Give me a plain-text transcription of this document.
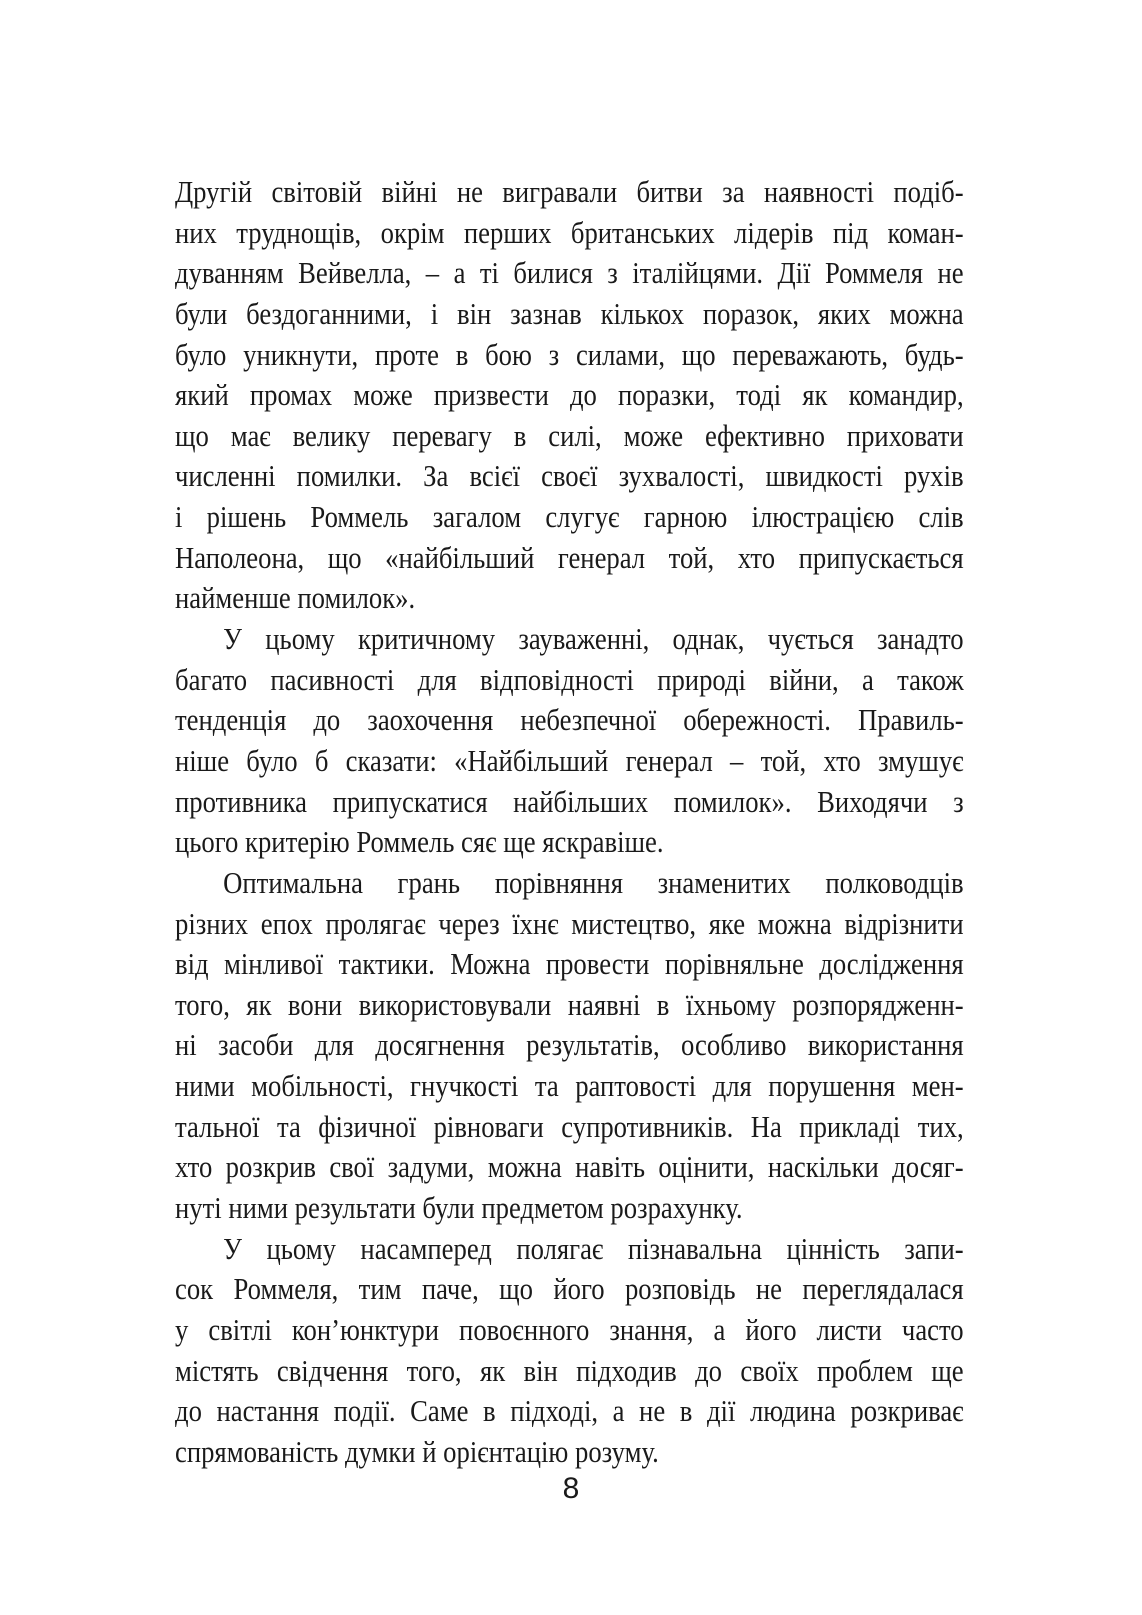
Другій світовій війні не вигравали битви за наявності подіб-
них труднощів, окрім перших британських лідерів під коман-
дуванням Вейвелла, – а ті билися з італійцями. Дії Роммеля не
були бездоганними, і він зазнав кількох поразок, яких можна
було уникнути, проте в бою з силами, що переважають, будь-
який промах може призвести до поразки, тоді як командир,
що має велику перевагу в силі, може ефективно приховати
численні помилки. За всієї своєї зухвалості, швидкості рухів
і рішень Роммель загалом слугує гарною ілюстрацією слів
Наполеона, що «найбільший генерал той, хто припускається
найменше помилок».
У цьому критичному зауваженні, однак, чується занадто
багато пасивності для відповідності природі війни, а також
тенденція до заохочення небезпечної обережності. Правиль-
ніше було б сказати: «Найбільший генерал – той, хто змушує
противника припускатися найбільших помилок». Виходячи з
цього критерію Роммель сяє ще яскравіше.
Оптимальна грань порівняння знаменитих полководців
різних епох пролягає через їхнє мистецтво, яке можна відрізнити
від мінливої тактики. Можна провести порівняльне дослідження
того, як вони використовували наявні в їхньому розпорядженн-
ні засоби для досягнення результатів, особливо використання
ними мобільності, гнучкості та раптовості для порушення мен-
тальної та фізичної рівноваги супротивників. На прикладі тих,
хто розкрив свої задуми, можна навіть оцінити, наскільки досяг-
нуті ними результати були предметом розрахунку.
У цьому насамперед полягає пізнавальна цінність запи-
сок Роммеля, тим паче, що його розповідь не переглядалася
у світлі кон’юнктури повоєнного знання, а його листи часто
містять свідчення того, як він підходив до своїх проблем ще
до настання події. Саме в підході, а не в дії людина розкриває
спрямованість думки й орієнтацію розуму.
8
